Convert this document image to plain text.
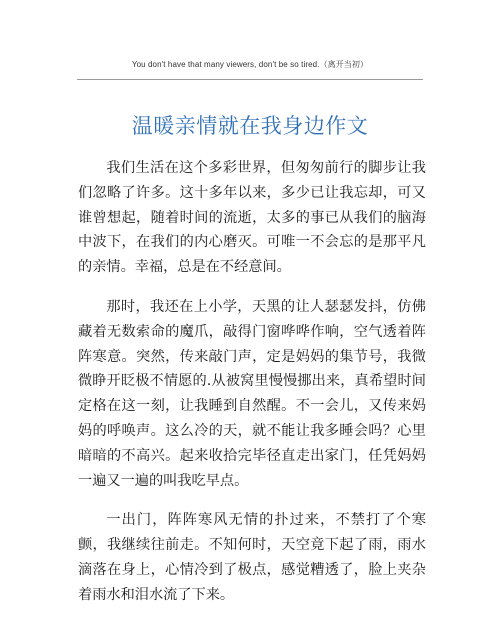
You don't have that many viewers, don't be so tired.（离开当初）
温暖亲情就在我身边作文

我们生活在这个多彩世界，但匆匆前行的脚步让我们忽略了许多。这十多年以来，多少已让我忘却，可又谁曾想起，随着时间的流逝，太多的事已从我们的脑海中波下，在我们的内心磨灭。可唯一不会忘的是那平凡的亲情。幸福，总是在不经意间。

那时，我还在上小学，天黑的让人瑟瑟发抖，仿佛藏着无数索命的魔爪，敲得门窗哗哗作响，空气透着阵阵寒意。突然，传来敲门声，定是妈妈的集节号，我微微睁开眨极不情愿的.从被窝里慢慢挪出来，真希望时间定格在这一刻，让我睡到自然醒。不一会儿，又传来妈妈的呼唤声。这么冷的天，就不能让我多睡会吗？心里暗暗的不高兴。起来收拾完毕径直走出家门，任凭妈妈一遍又一遍的叫我吃早点。

一出门，阵阵寒风无情的扑过来，不禁打了个寒颤，我继续往前走。不知何时，天空竟下起了雨，雨水滴落在身上，心情冷到了极点，感觉糟透了，脸上夹杂着雨水和泪水流了下来。
